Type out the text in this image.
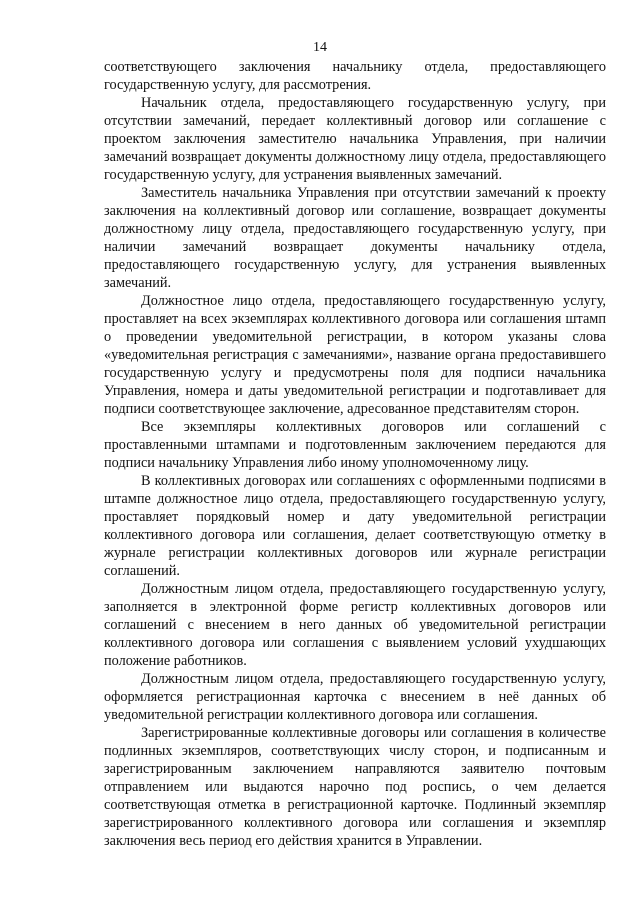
14

соответствующего заключения начальнику отдела, предоставляющего государственную услугу, для рассмотрения.

Начальник отдела, предоставляющего государственную услугу, при отсутствии замечаний, передает коллективный договор или соглашение с проектом заключения заместителю начальника Управления, при наличии замечаний возвращает документы должностному лицу отдела, предоставляющего государственную услугу, для устранения выявленных замечаний.

Заместитель начальника Управления при отсутствии замечаний к проекту заключения на коллективный договор или соглашение, возвращает документы должностному лицу отдела, предоставляющего государственную услугу, при наличии замечаний возвращает документы начальнику отдела, предоставляющего государственную услугу, для устранения выявленных замечаний.

Должностное лицо отдела, предоставляющего государственную услугу, проставляет на всех экземплярах коллективного договора или соглашения штамп о проведении уведомительной регистрации, в котором указаны слова «уведомительная регистрация с замечаниями», название органа предоставившего государственную услугу и предусмотрены поля для подписи начальника Управления, номера и даты уведомительной регистрации и подготавливает для подписи соответствующее заключение, адресованное представителям сторон.

Все экземпляры коллективных договоров или соглашений с проставленными штампами и подготовленным заключением передаются для подписи начальнику Управления либо иному уполномоченному лицу.

В коллективных договорах или соглашениях с оформленными подписями в штампе должностное лицо отдела, предоставляющего государственную услугу, проставляет порядковый номер и дату уведомительной регистрации коллективного договора или соглашения, делает соответствующую отметку в журнале регистрации коллективных договоров или журнале регистрации соглашений.

Должностным лицом отдела, предоставляющего государственную услугу, заполняется в электронной форме регистр коллективных договоров или соглашений с внесением в него данных об уведомительной регистрации коллективного договора или соглашения с выявлением условий ухудшающих положение работников.

Должностным лицом отдела, предоставляющего государственную услугу, оформляется регистрационная карточка с внесением в неё данных об уведомительной регистрации коллективного договора или соглашения.

Зарегистрированные коллективные договоры или соглашения в количестве подлинных экземпляров, соответствующих числу сторон, и подписанным и зарегистрированным заключением направляются заявителю почтовым отправлением или выдаются нарочно под роспись, о чем делается соответствующая отметка в регистрационной карточке. Подлинный экземпляр зарегистрированного коллективного договора или соглашения и экземпляр заключения весь период его действия хранится в Управлении.
